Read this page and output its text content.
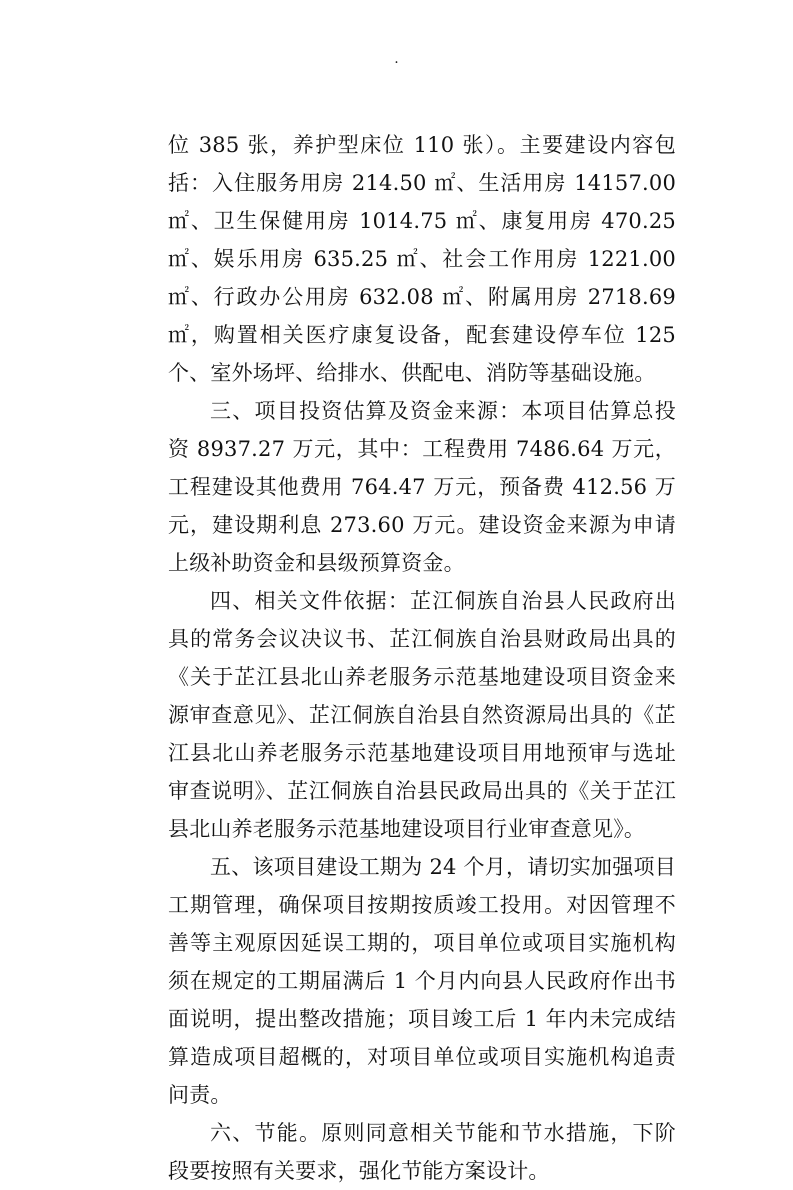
.

位 385 张，养护型床位 110 张）。主要建设内容包括：入住服务用房 214.50 ㎡、生活用房 14157.00 ㎡、卫生保健用房 1014.75 ㎡、康复用房 470.25 ㎡、娱乐用房 635.25 ㎡、社会工作用房 1221.00 ㎡、行政办公用房 632.08 ㎡、附属用房 2718.69 ㎡，购置相关医疗康复设备，配套建设停车位 125 个、室外场坪、给排水、供配电、消防等基础设施。

三、项目投资估算及资金来源：本项目估算总投资 8937.27 万元，其中：工程费用 7486.64 万元，工程建设其他费用 764.47 万元，预备费 412.56 万元，建设期利息 273.60 万元。建设资金来源为申请上级补助资金和县级预算资金。

四、相关文件依据：芷江侗族自治县人民政府出具的常务会议决议书、芷江侗族自治县财政局出具的《关于芷江县北山养老服务示范基地建设项目资金来源审查意见》、芷江侗族自治县自然资源局出具的《芷江县北山养老服务示范基地建设项目用地预审与选址审查说明》、芷江侗族自治县民政局出具的《关于芷江县北山养老服务示范基地建设项目行业审查意见》。

五、该项目建设工期为 24 个月，请切实加强项目工期管理，确保项目按期按质竣工投用。对因管理不善等主观原因延误工期的，项目单位或项目实施机构须在规定的工期届满后 1 个月内向县人民政府作出书面说明，提出整改措施；项目竣工后 1 年内未完成结算造成项目超概的，对项目单位或项目实施机构追责问责。

六、节能。原则同意相关节能和节水措施，下阶段要按照有关要求，强化节能方案设计。
